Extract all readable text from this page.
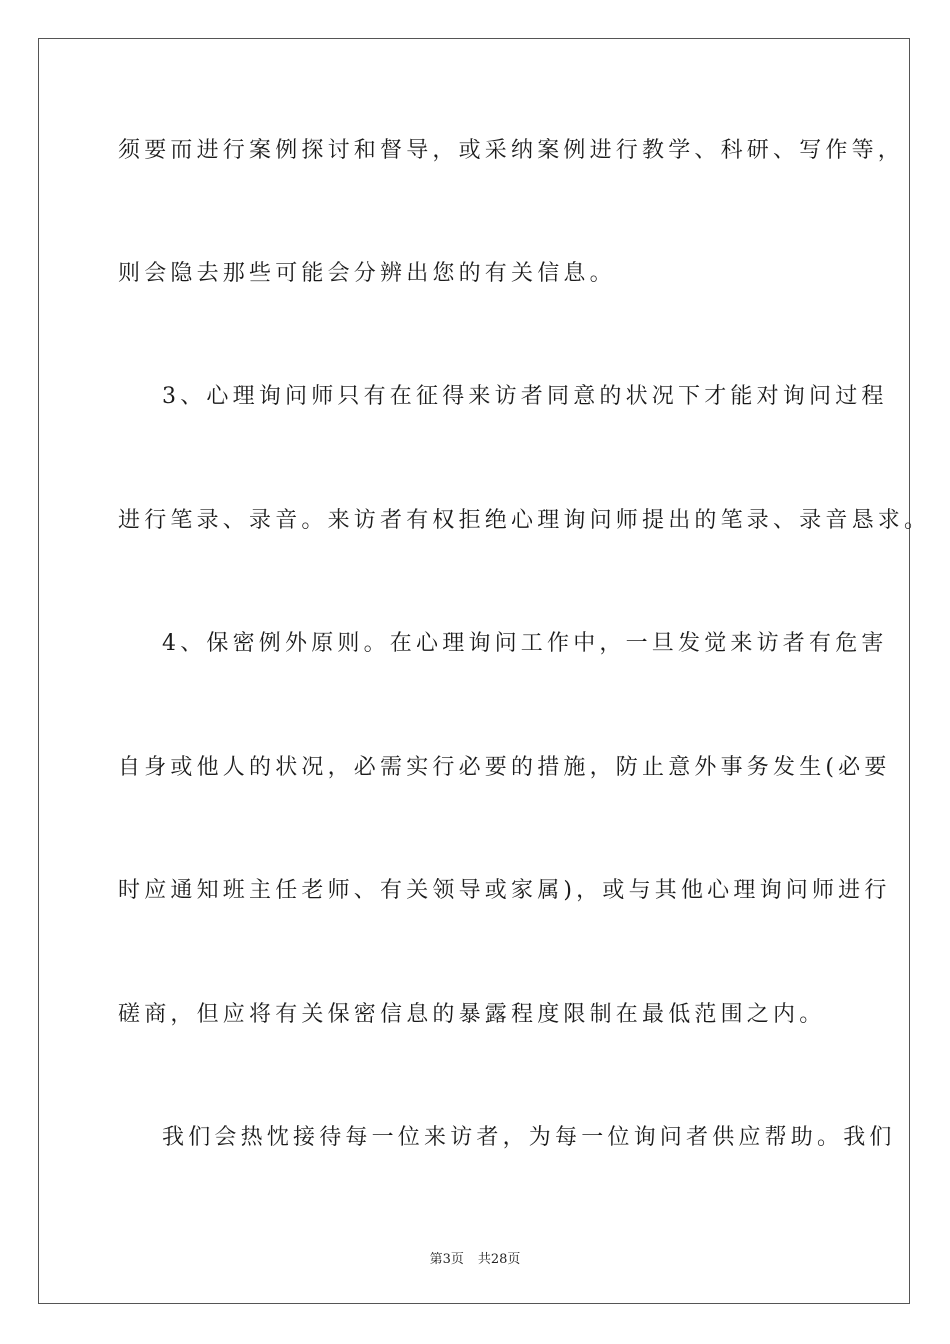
须要而进行案例探讨和督导，或采纳案例进行教学、科研、写作等，
则会隐去那些可能会分辨出您的有关信息。
3、心理询问师只有在征得来访者同意的状况下才能对询问过程
进行笔录、录音。来访者有权拒绝心理询问师提出的笔录、录音恳求。
4、保密例外原则。在心理询问工作中，一旦发觉来访者有危害
自身或他人的状况，必需实行必要的措施，防止意外事务发生(必要
时应通知班主任老师、有关领导或家属)，或与其他心理询问师进行
磋商，但应将有关保密信息的暴露程度限制在最低范围之内。
我们会热忱接待每一位来访者，为每一位询问者供应帮助。我们
第3页 共28页
